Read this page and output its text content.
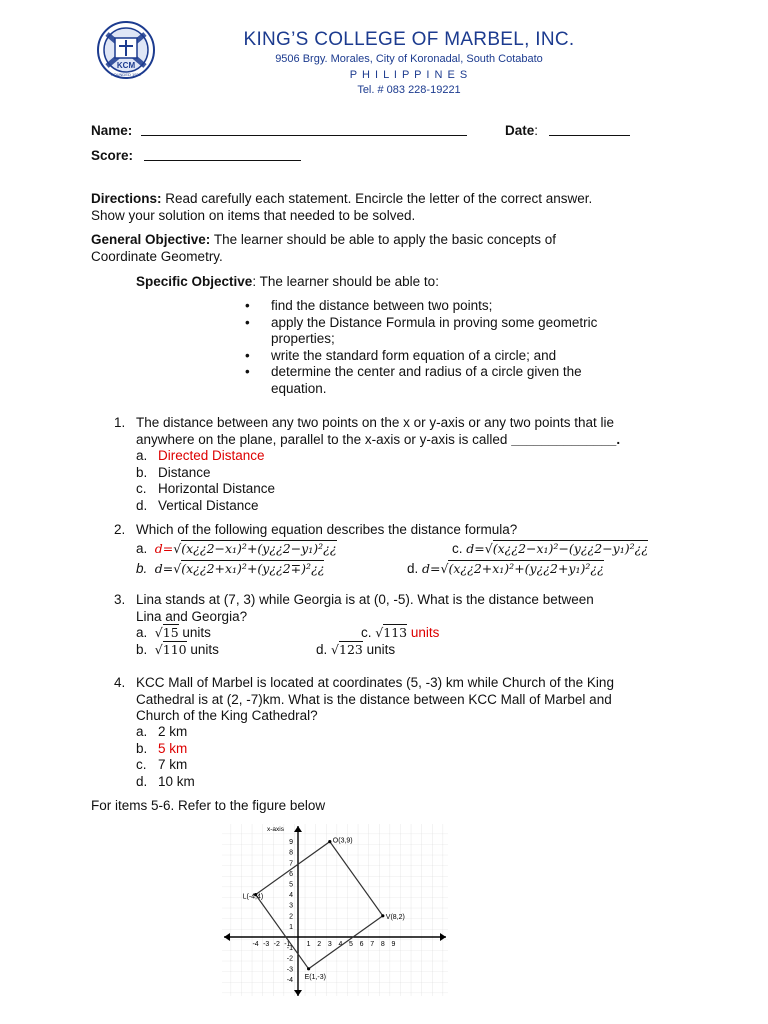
KCM
FOUNDED 1939
KING’S COLLEGE OF MARBEL, INC.
9506 Brgy. Morales, City of Koronadal, South Cotabato
P H I L I P P I N E S
Tel. # 083 228-19221
Name:	Date:
Score:
Directions: Read carefully each statement. Encircle the letter of the correct answer.
Show your solution on items that needed to be solved.
General Objective: The learner should be able to apply the basic concepts of
Coordinate Geometry.
Specific Objective: The learner should be able to:
• find the distance between two points;
• apply the Distance Formula in proving some geometric
properties;
• write the standard form equation of a circle; and
• determine the center and radius of a circle given the
equation.
1. The distance between any two points on the x or y-axis or any two points that lie
anywhere on the plane, parallel to the x-axis or y-axis is called ______________.
a. Directed Distance
b. Distance
c. Horizontal Distance
d. Vertical Distance
2. Which of the following equation describes the distance formula?
a. d=√(x¿¿2−x₁)²+(y¿¿2−y₁)²¿¿	c. d=√(x¿¿2−x₁)²−(y¿¿2−y₁)²¿¿
b. d=√(x¿¿2+x₁)²+(y¿¿2∓)²¿¿	d. d=√(x¿¿2+x₁)²+(y¿¿2+y₁)²¿¿
3. Lina stands at (7, 3) while Georgia is at (0, -5). What is the distance between
Lina and Georgia?
a. √15 units	c. √113 units
b. √110 units	d. √123 units
4. KCC Mall of Marbel is located at coordinates (5, -3) km while Church of the King
Cathedral is at (2, -7)km. What is the distance between KCC Mall of Marbel and
Church of the King Cathedral?
a. 2 km
b. 5 km
c. 7 km
d. 10 km
For items 5-6. Refer to the figure below
x-axis
-4 -3 -2 -1 1 2 3 4 5 6 7 8 9
9
8
7
6
5
4
3
2
1
-1
-2
-3
-4
L(-4,4)
O(3,9)
V(8,2)
E(1,-3)
